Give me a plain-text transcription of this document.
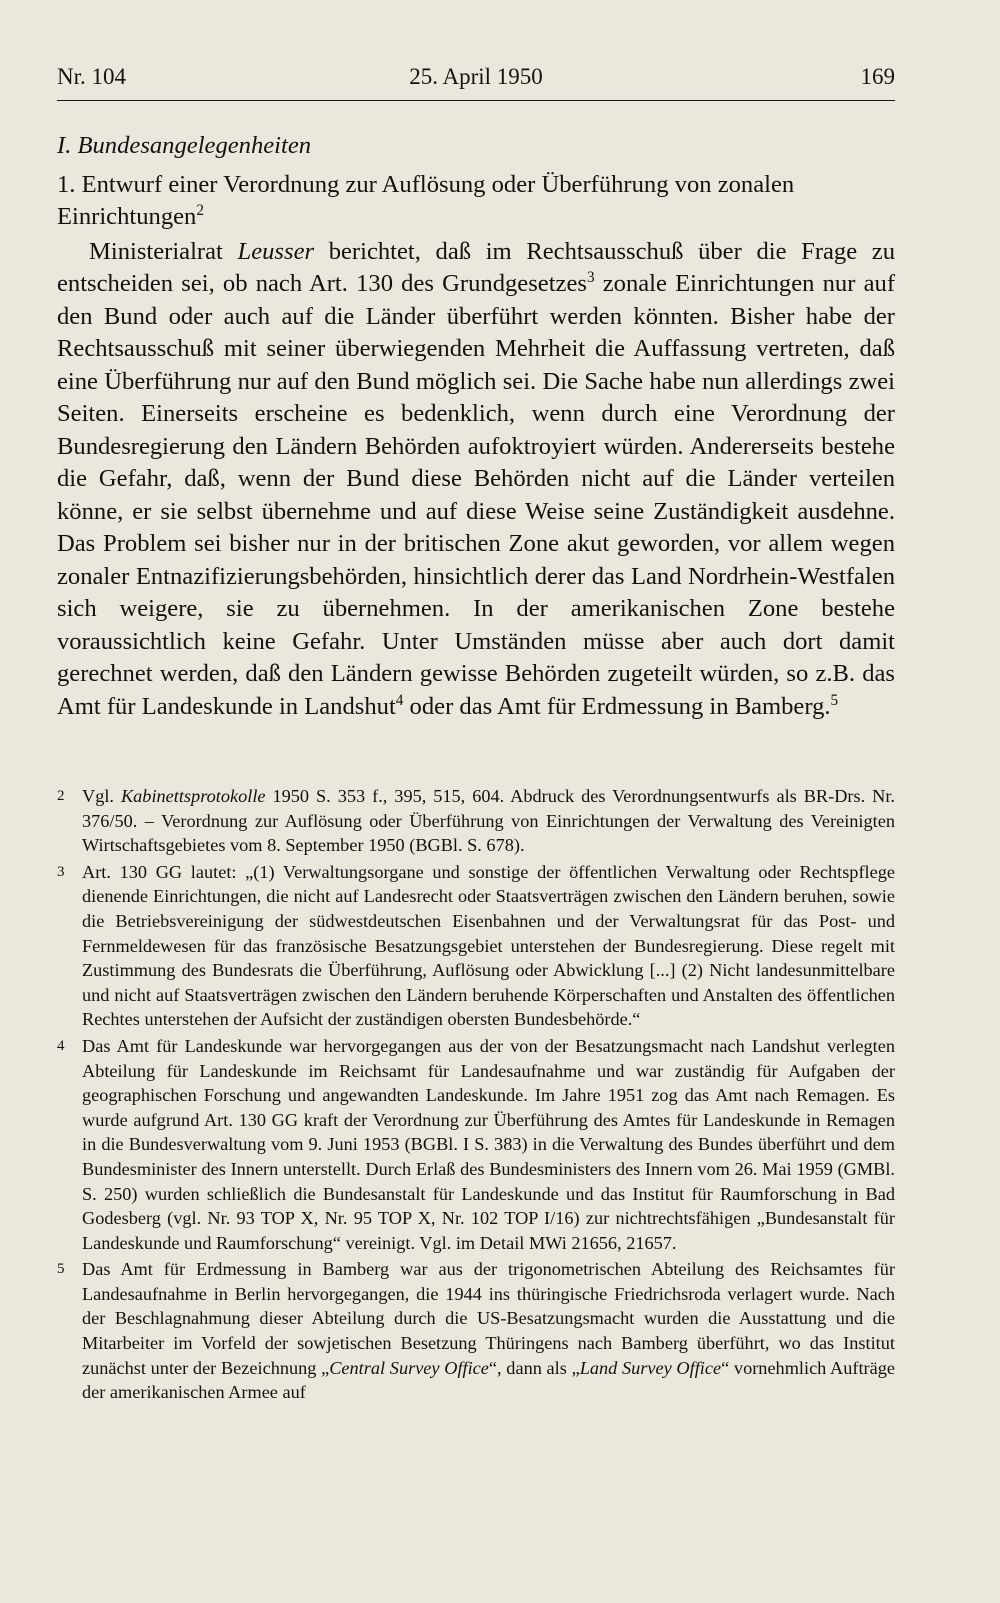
Nr. 104	25. April 1950	169

I. Bundesangelegenheiten

1. Entwurf einer Verordnung zur Auflösung oder Überführung von zonalen Einrichtungen$^2$

Ministerialrat Leusser berichtet, daß im Rechtsausschuß über die Frage zu entscheiden sei, ob nach Art. 130 des Grundgesetzes$^3$ zonale Einrichtungen nur auf den Bund oder auch auf die Länder überführt werden könnten. Bisher habe der Rechtsausschuß mit seiner überwiegenden Mehrheit die Auffassung vertreten, daß eine Überführung nur auf den Bund möglich sei. Die Sache habe nun allerdings zwei Seiten. Einerseits erscheine es bedenklich, wenn durch eine Verordnung der Bundesregierung den Ländern Behörden aufoktroyiert würden. Andererseits bestehe die Gefahr, daß, wenn der Bund diese Behörden nicht auf die Länder verteilen könne, er sie selbst übernehme und auf diese Weise seine Zuständigkeit ausdehne. Das Problem sei bisher nur in der britischen Zone akut geworden, vor allem wegen zonaler Entnazifizierungsbehörden, hinsichtlich derer das Land Nordrhein-Westfalen sich weigere, sie zu übernehmen. In der amerikanischen Zone bestehe voraussichtlich keine Gefahr. Unter Umständen müsse aber auch dort damit gerechnet werden, daß den Ländern gewisse Behörden zugeteilt würden, so z.B. das Amt für Landeskunde in Landshut$^4$ oder das Amt für Erdmessung in Bamberg.$^5$

2 Vgl. Kabinettsprotokolle 1950 S. 353 f., 395, 515, 604. Abdruck des Verordnungsentwurfs als BR-Drs. Nr. 376/50. – Verordnung zur Auflösung oder Überführung von Einrichtungen der Verwaltung des Vereinigten Wirtschaftsgebietes vom 8. September 1950 (BGBl. S. 678).
3 Art. 130 GG lautet: „(1) Verwaltungsorgane und sonstige der öffentlichen Verwaltung oder Rechtspflege dienende Einrichtungen, die nicht auf Landesrecht oder Staatsverträgen zwischen den Ländern beruhen, sowie die Betriebsvereinigung der südwestdeutschen Eisenbahnen und der Verwaltungsrat für das Post- und Fernmeldewesen für das französische Besatzungsgebiet unterstehen der Bundesregierung. Diese regelt mit Zustimmung des Bundesrats die Überführung, Auflösung oder Abwicklung [...] (2) Nicht landesunmittelbare und nicht auf Staatsverträgen zwischen den Ländern beruhende Körperschaften und Anstalten des öffentlichen Rechtes unterstehen der Aufsicht der zuständigen obersten Bundesbehörde.“
4 Das Amt für Landeskunde war hervorgegangen aus der von der Besatzungsmacht nach Landshut verlegten Abteilung für Landeskunde im Reichsamt für Landesaufnahme und war zuständig für Aufgaben der geographischen Forschung und angewandten Landeskunde. Im Jahre 1951 zog das Amt nach Remagen. Es wurde aufgrund Art. 130 GG kraft der Verordnung zur Überführung des Amtes für Landeskunde in Remagen in die Bundesverwaltung vom 9. Juni 1953 (BGBl. I S. 383) in die Verwaltung des Bundes überführt und dem Bundesminister des Innern unterstellt. Durch Erlaß des Bundesministers des Innern vom 26. Mai 1959 (GMBl. S. 250) wurden schließlich die Bundesanstalt für Landeskunde und das Institut für Raumforschung in Bad Godesberg (vgl. Nr. 93 TOP X, Nr. 95 TOP X, Nr. 102 TOP I/16) zur nichtrechtsfähigen „Bundesanstalt für Landeskunde und Raumforschung“ vereinigt. Vgl. im Detail MWi 21656, 21657.
5 Das Amt für Erdmessung in Bamberg war aus der trigonometrischen Abteilung des Reichsamtes für Landesaufnahme in Berlin hervorgegangen, die 1944 ins thüringische Friedrichsroda verlagert wurde. Nach der Beschlagnahmung dieser Abteilung durch die US-Besatzungsmacht wurden die Ausstattung und die Mitarbeiter im Vorfeld der sowjetischen Besetzung Thüringens nach Bamberg überführt, wo das Institut zunächst unter der Bezeichnung „Central Survey Office“, dann als „Land Survey Office“ vornehmlich Aufträge der amerikanischen Armee auf
